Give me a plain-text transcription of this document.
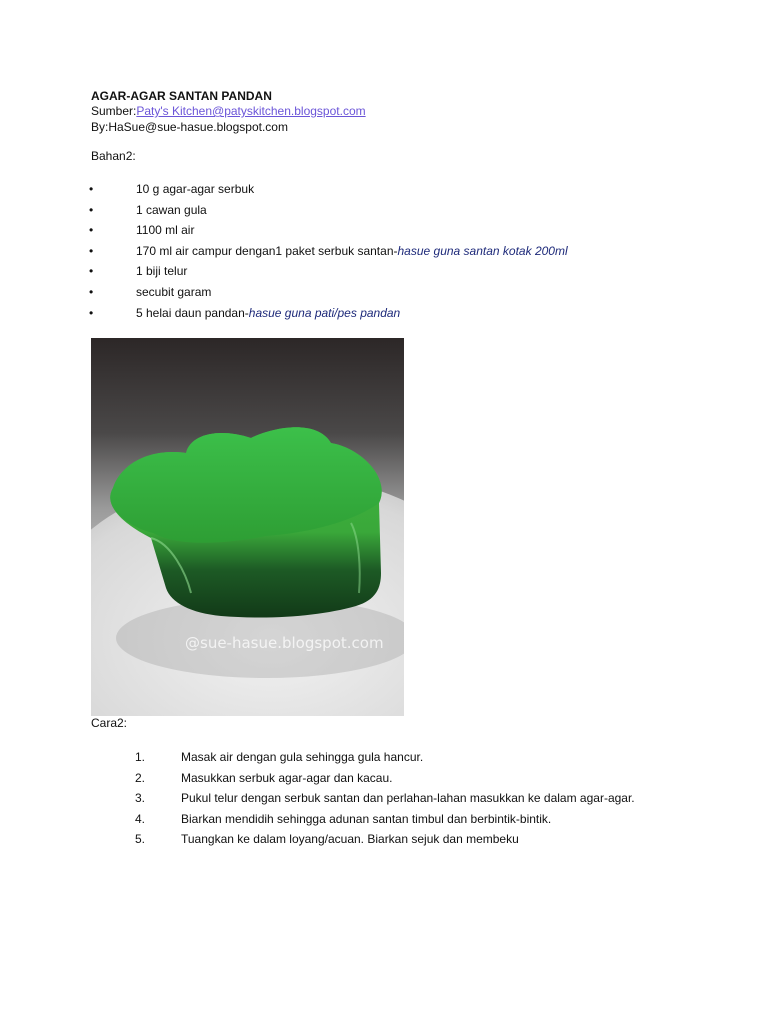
AGAR-AGAR SANTAN PANDAN
Sumber:Paty's Kitchen@patyskitchen.blogspot.com
By:HaSue@sue-hasue.blogspot.com
Bahan2:
•	10 g agar-agar serbuk
•	1 cawan gula
•	1100 ml air
•	170 ml air campur dengan1 paket serbuk santan-hasue guna santan kotak 200ml
•	1 biji telur
•	secubit garam
•	5 helai daun pandan-hasue guna pati/pes pandan
@sue-hasue.blogspot.com
Cara2:
1.	Masak air dengan gula sehingga gula hancur.
2.	Masukkan serbuk agar-agar dan kacau.
3.	Pukul telur dengan serbuk santan dan perlahan-lahan masukkan ke dalam agar-agar.
4.	Biarkan mendidih sehingga adunan santan timbul dan berbintik-bintik.
5.	Tuangkan ke dalam loyang/acuan. Biarkan sejuk dan membeku
